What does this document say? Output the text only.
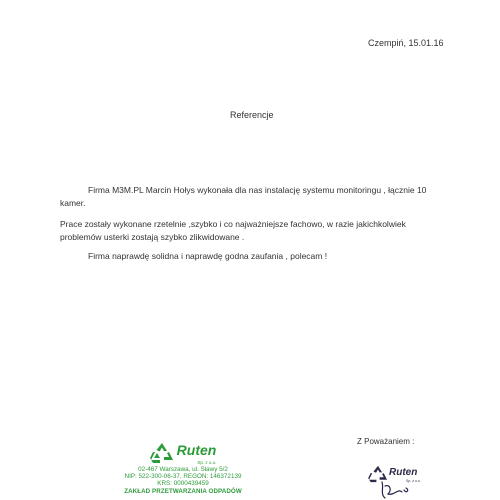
Czempiń, 15.01.16
Referencje
Firma M3M.PL Marcin Hołys wykonała dla nas instalację systemu monitoringu , łącznie 10
kamer.
Prace zostały wykonane rzetelnie ,szybko i co najważniejsze fachowo, w razie jakichkolwiek
problemów usterki zostają szybko zlikwidowane .
Firma naprawdę solidna i naprawdę godna zaufania , polecam !
Z Poważaniem :
Ruten
Sp. z o.o.
02-467 Warszawa, ul. Sławy 5/2
NIP: 522-300-06-37, REGON: 146372139
KRS: 0000439459
ZAKŁAD PRZETWARZANIA ODPADÓW
Ruten
Sp. z o.o.
